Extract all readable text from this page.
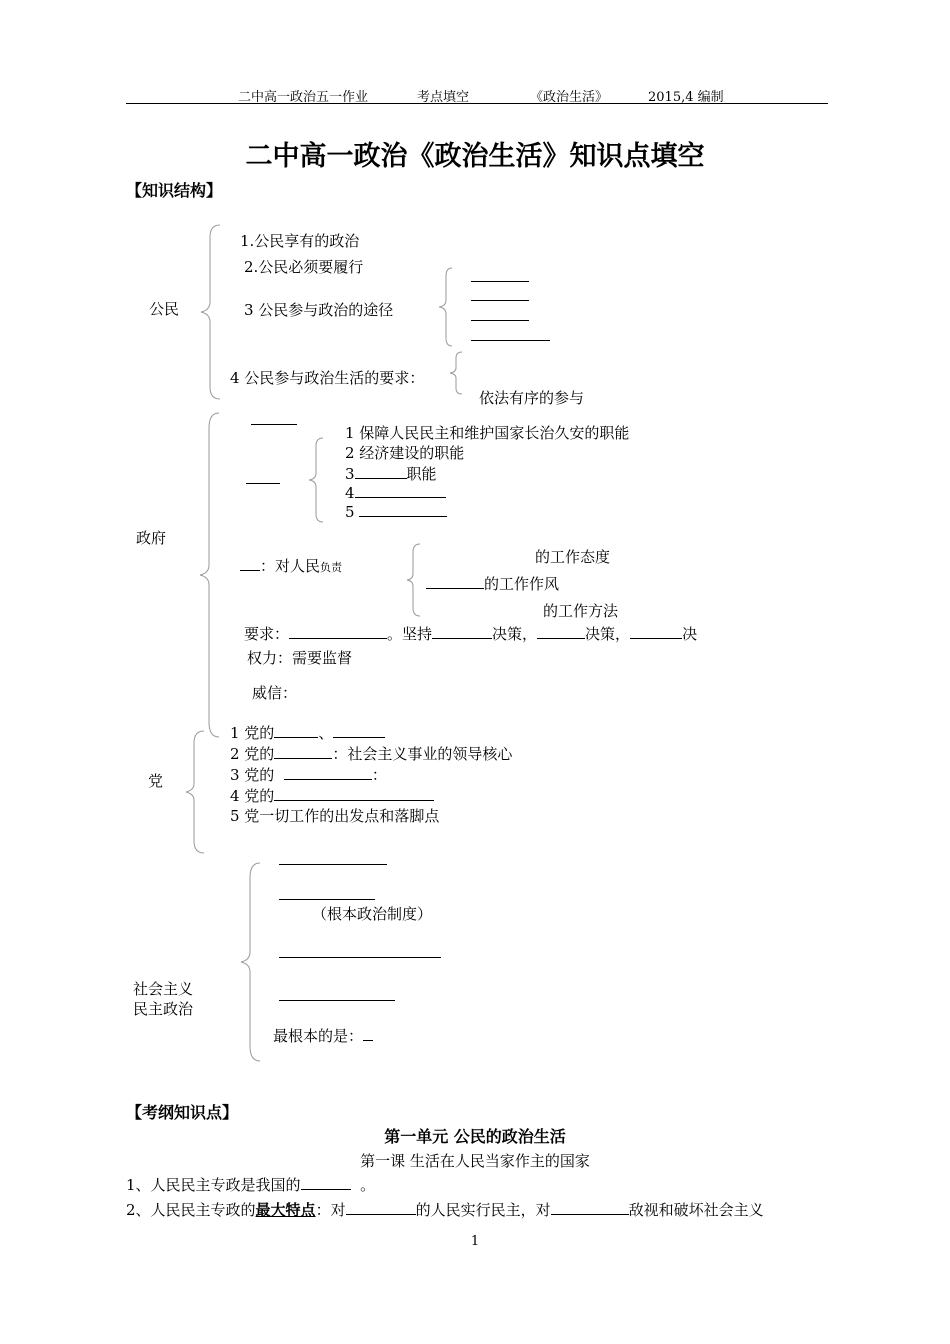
二中高一政治五一作业	考点填空	《政治生活》	2015,4 编制
二中高一政治《政治生活》知识点填空
【知识结构】
公民
1.公民享有的政治
2.公民必须要履行
3 公民参与政治的途径
4 公民参与政治生活的要求：
依法有序的参与
政府
1 保障人民民主和维护国家长治久安的职能
2 经济建设的职能
3	职能
4
5
：对人民负责
的工作态度
的工作作风
的工作方法
要求：	。坚持	决策，	决策，	决
权力：需要监督
威信：
党
1 党的	、
2 党的	：社会主义事业的领导核心
3 党的	：
4 党的
5 党一切工作的出发点和落脚点
社会主义
民主政治
（根本政治制度）
最根本的是：
【考纲知识点】
第一单元 公民的政治生活
第一课 生活在人民当家作主的国家
1、人民民主专政是我国的	。
2、人民民主专政的最大特点：对	的人民实行民主，对	敌视和破坏社会主义
1
